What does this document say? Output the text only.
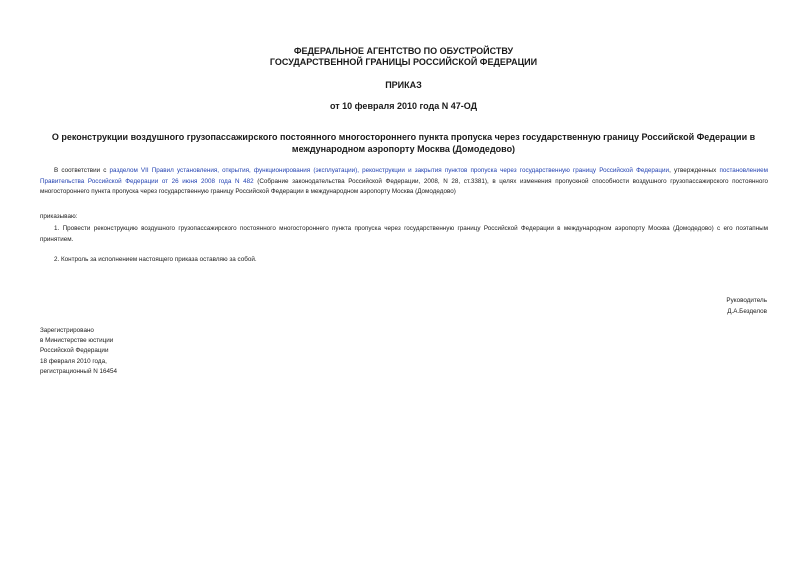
ФЕДЕРАЛЬНОЕ АГЕНТСТВО ПО ОБУСТРОЙСТВУ
ГОСУДАРСТВЕННОЙ ГРАНИЦЫ РОССИЙСКОЙ ФЕДЕРАЦИИ
ПРИКАЗ
от 10 февраля 2010 года N 47-ОД
О реконструкции воздушного грузопассажирского постоянного многостороннего пункта пропуска через государственную границу Российской Федерации в международном аэропорту Москва (Домодедово)
В соответствии с разделом VII Правил установления, открытия, функционирования (эксплуатации), реконструкции и закрытия пунктов пропуска через государственную границу Российской Федерации, утвержденных постановлением Правительства Российской Федерации от 26 июня 2008 года N 482 (Собрание законодательства Российской Федерации, 2008, N 28, ст.3381), в целях изменения пропускной способности воздушного грузопассажирского постоянного многостороннего пункта пропуска через государственную границу Российской Федерации в международном аэропорту Москва (Домодедово)
приказываю:
1. Провести реконструкцию воздушного грузопассажирского постоянного многостороннего пункта пропуска через государственную границу Российской Федерации в международном аэропорту Москва (Домодедово) с его поэтапным принятием.
2. Контроль за исполнением настоящего приказа оставляю за собой.
Руководитель
Д.А.Безделов
Зарегистрировано
в Министерстве юстиции
Российской Федерации
18 февраля 2010 года,
регистрационный N 16454
